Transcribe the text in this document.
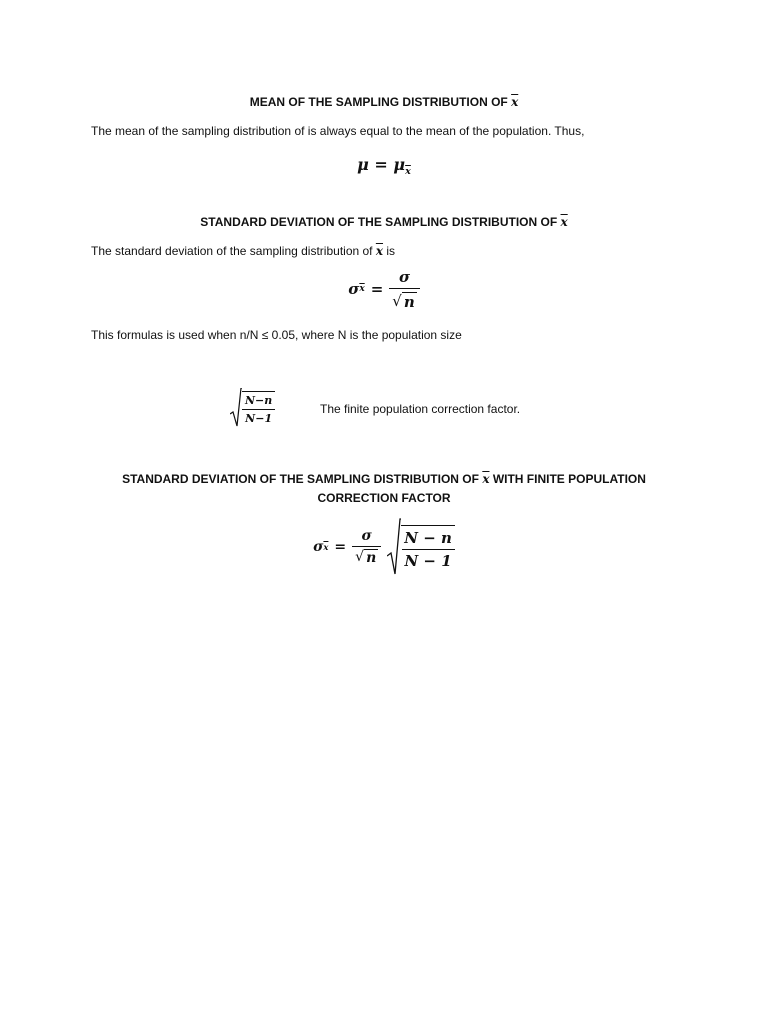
MEAN OF THE SAMPLING DISTRIBUTION OF $\overline{x}$
The mean of the sampling distribution of is always equal to the mean of the population. Thus,
$\mu = \mu_{\overline{x}}$
STANDARD DEVIATION OF THE SAMPLING DISTRIBUTION OF $\overline{x}$
The standard deviation of the sampling distribution of $\overline{x}$ is
σ $\overline{x} = \frac{\sigma}{√ n}$
This formulas is used when n/N ≤ 0.05, where N is the population size
$\frac{N-n}{N-1}$	The finite population correction factor.
STANDARD DEVIATION OF THE SAMPLING DISTRIBUTION OF $\overline{x}$ WITH FINITE POPULATION
CORRECTION FACTOR
σ $\overline{x} = \frac{\sigma}{√ n} \frac{N - n}{N - 1}$
